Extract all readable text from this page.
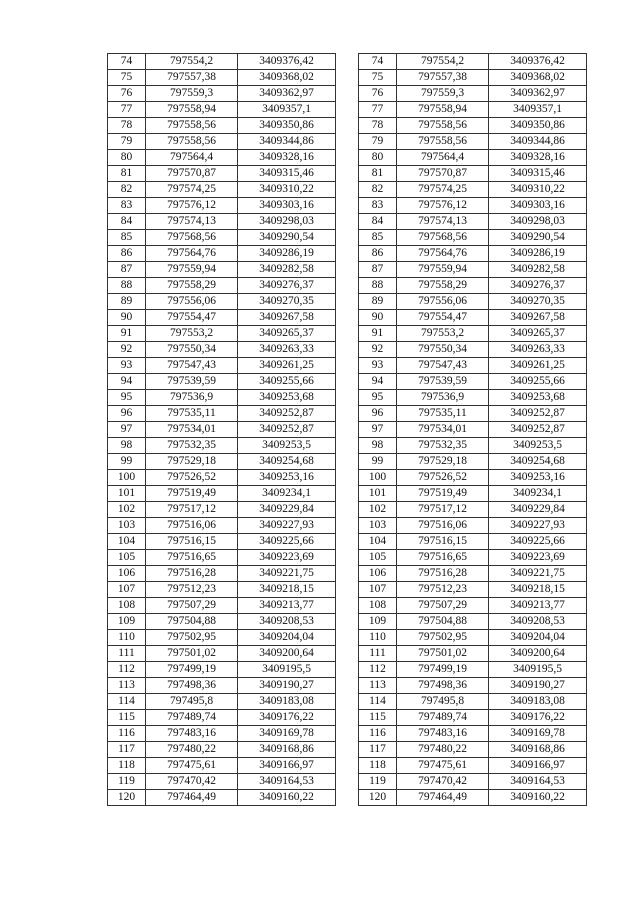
74	797554,2	3409376,42
75	797557,38	3409368,02
76	797559,3	3409362,97
77	797558,94	3409357,1
78	797558,56	3409350,86
79	797558,56	3409344,86
80	797564,4	3409328,16
81	797570,87	3409315,46
82	797574,25	3409310,22
83	797576,12	3409303,16
84	797574,13	3409298,03
85	797568,56	3409290,54
86	797564,76	3409286,19
87	797559,94	3409282,58
88	797558,29	3409276,37
89	797556,06	3409270,35
90	797554,47	3409267,58
91	797553,2	3409265,37
92	797550,34	3409263,33
93	797547,43	3409261,25
94	797539,59	3409255,66
95	797536,9	3409253,68
96	797535,11	3409252,87
97	797534,01	3409252,87
98	797532,35	3409253,5
99	797529,18	3409254,68
100	797526,52	3409253,16
101	797519,49	3409234,1
102	797517,12	3409229,84
103	797516,06	3409227,93
104	797516,15	3409225,66
105	797516,65	3409223,69
106	797516,28	3409221,75
107	797512,23	3409218,15
108	797507,29	3409213,77
109	797504,88	3409208,53
110	797502,95	3409204,04
111	797501,02	3409200,64
112	797499,19	3409195,5
113	797498,36	3409190,27
114	797495,8	3409183,08
115	797489,74	3409176,22
116	797483,16	3409169,78
117	797480,22	3409168,86
118	797475,61	3409166,97
119	797470,42	3409164,53
120	797464,49	3409160,22
74	797554,2	3409376,42
75	797557,38	3409368,02
76	797559,3	3409362,97
77	797558,94	3409357,1
78	797558,56	3409350,86
79	797558,56	3409344,86
80	797564,4	3409328,16
81	797570,87	3409315,46
82	797574,25	3409310,22
83	797576,12	3409303,16
84	797574,13	3409298,03
85	797568,56	3409290,54
86	797564,76	3409286,19
87	797559,94	3409282,58
88	797558,29	3409276,37
89	797556,06	3409270,35
90	797554,47	3409267,58
91	797553,2	3409265,37
92	797550,34	3409263,33
93	797547,43	3409261,25
94	797539,59	3409255,66
95	797536,9	3409253,68
96	797535,11	3409252,87
97	797534,01	3409252,87
98	797532,35	3409253,5
99	797529,18	3409254,68
100	797526,52	3409253,16
101	797519,49	3409234,1
102	797517,12	3409229,84
103	797516,06	3409227,93
104	797516,15	3409225,66
105	797516,65	3409223,69
106	797516,28	3409221,75
107	797512,23	3409218,15
108	797507,29	3409213,77
109	797504,88	3409208,53
110	797502,95	3409204,04
111	797501,02	3409200,64
112	797499,19	3409195,5
113	797498,36	3409190,27
114	797495,8	3409183,08
115	797489,74	3409176,22
116	797483,16	3409169,78
117	797480,22	3409168,86
118	797475,61	3409166,97
119	797470,42	3409164,53
120	797464,49	3409160,22
